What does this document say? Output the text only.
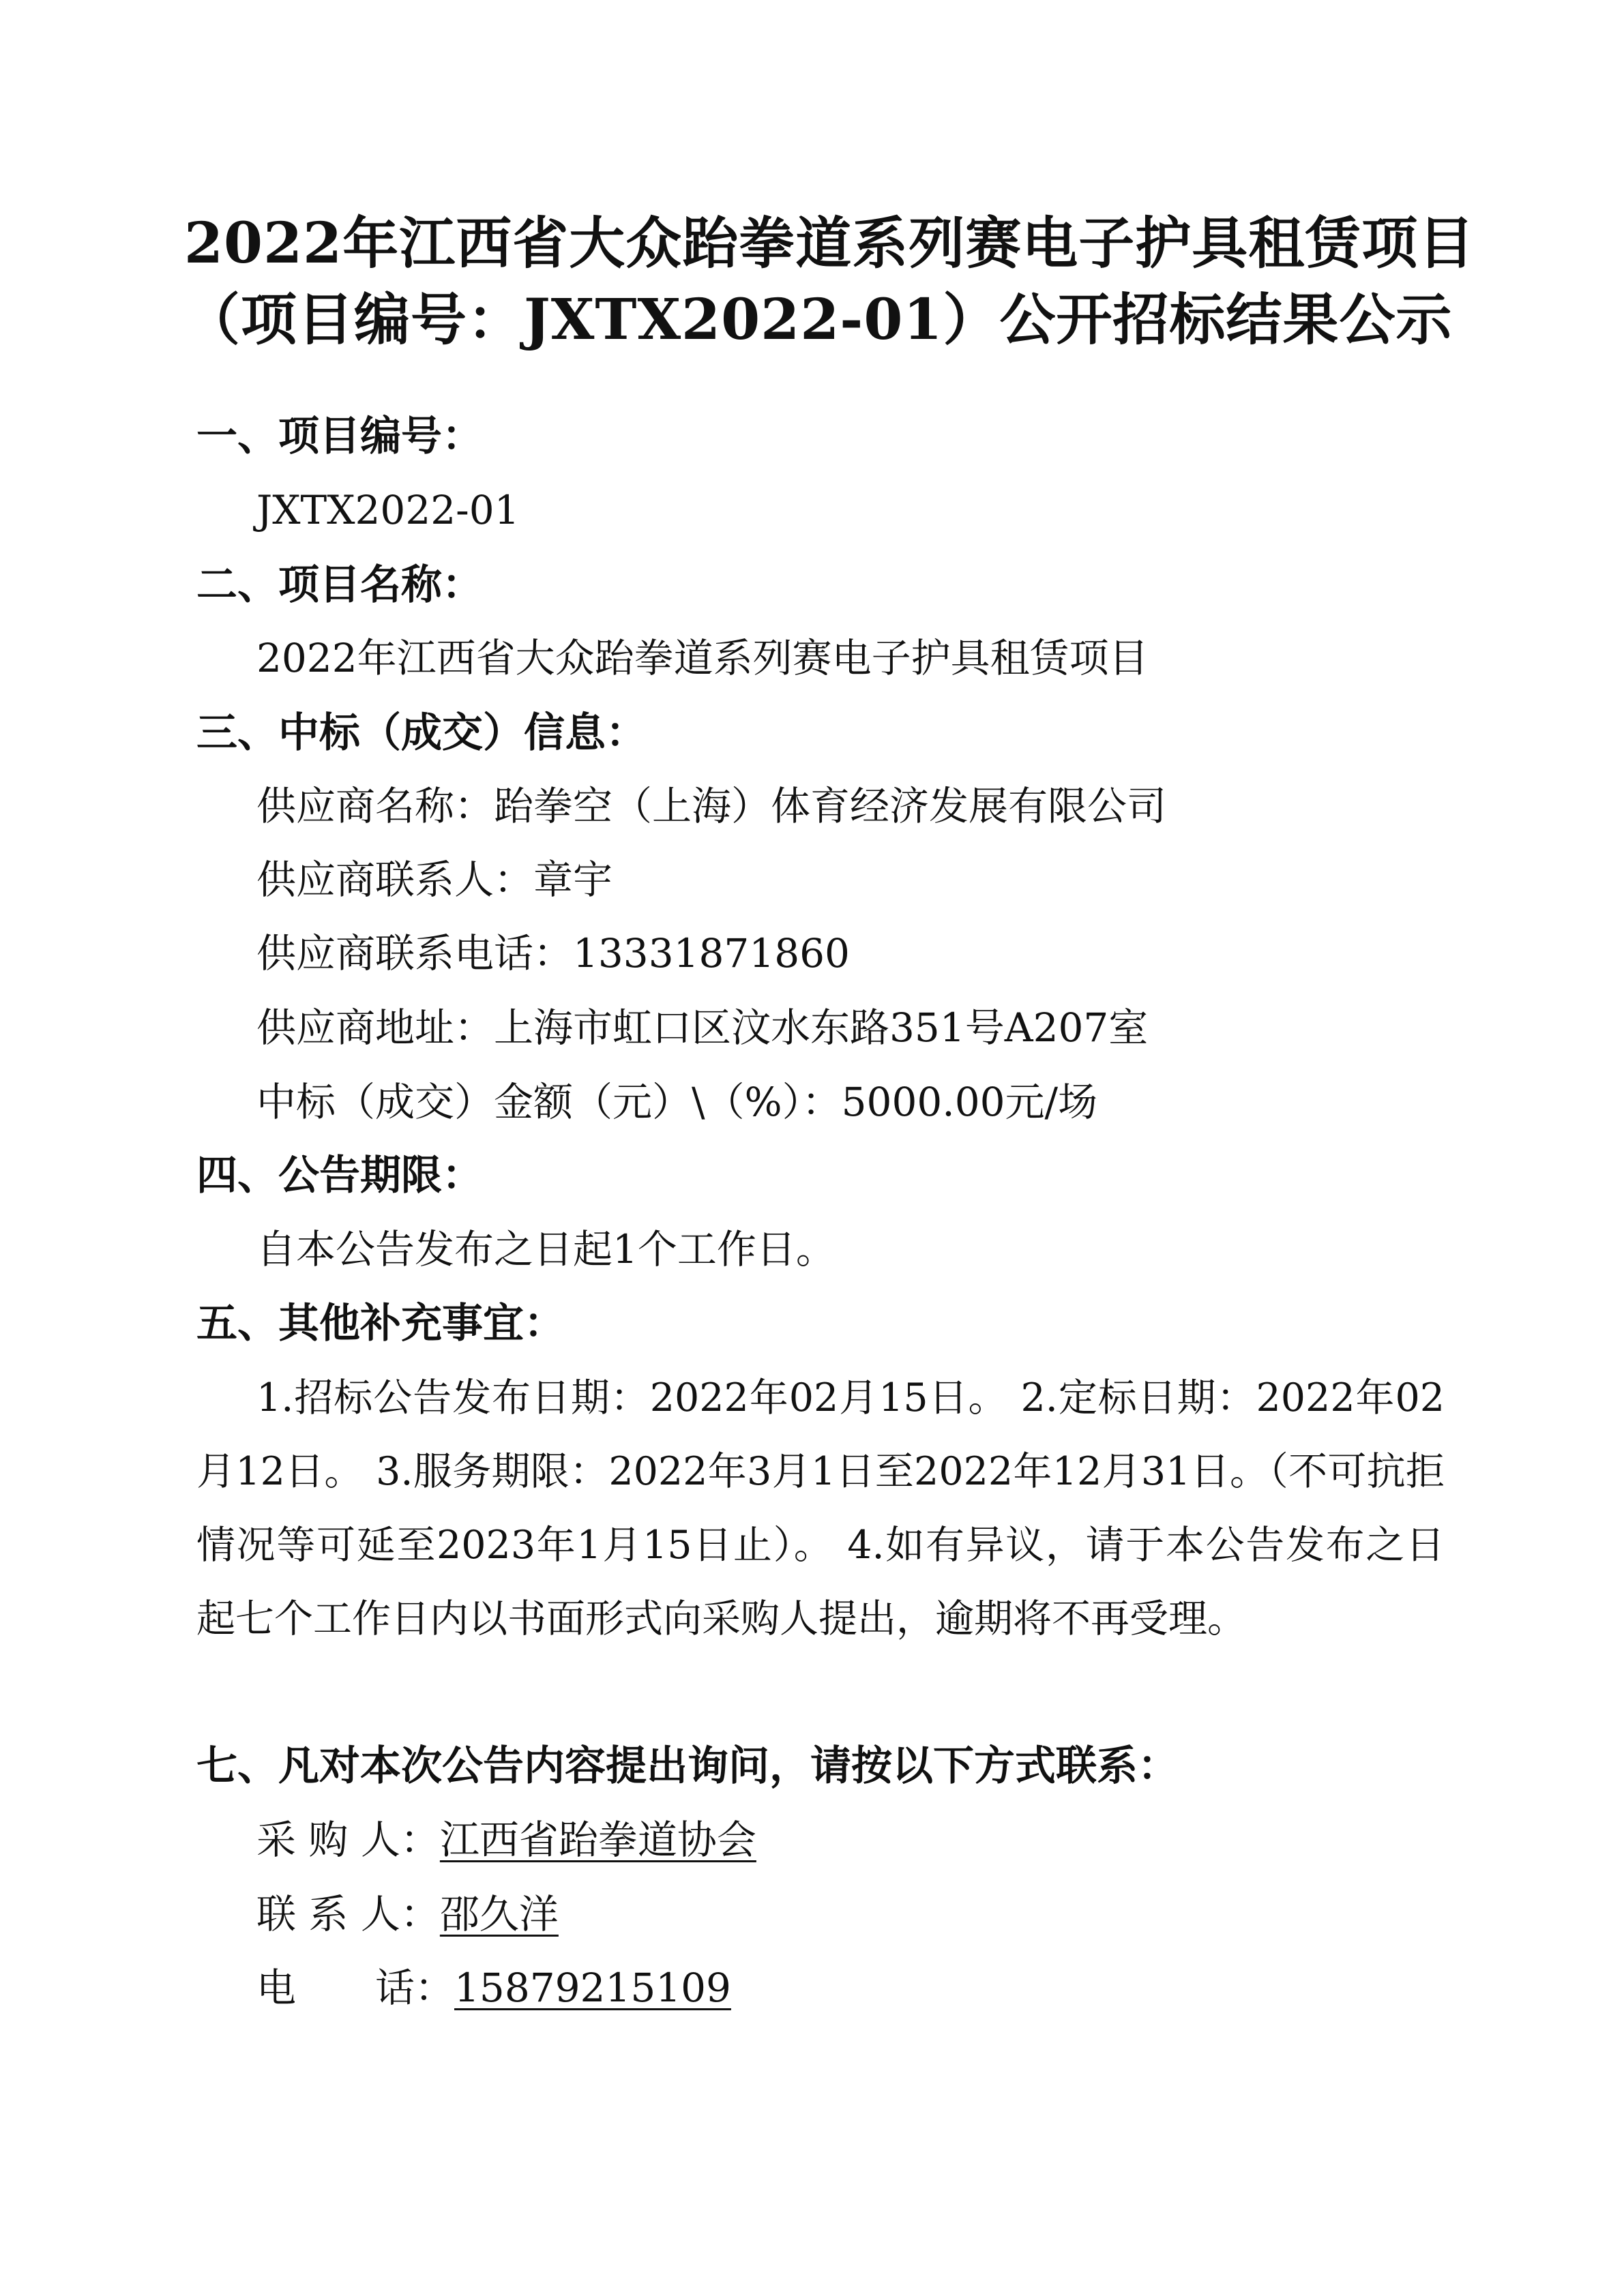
2022年江西省大众跆拳道系列赛电子护具租赁项目
（项目编号：JXTX2022-01）公开招标结果公示
一、项目编号：
JXTX2022-01
二、项目名称：
2022年江西省大众跆拳道系列赛电子护具租赁项目
三、中标（成交）信息：
供应商名称：跆拳空（上海）体育经济发展有限公司
供应商联系人：章宇
供应商联系电话：13331871860
供应商地址：上海市虹口区汶水东路351号A207室
中标（成交）金额（元）\（%）：5000.00元/场
四、公告期限：
自本公告发布之日起1个工作日。
五、其他补充事宜：
1.招标公告发布日期：2022年02月15日。 2.定标日期：2022年02月12日。 3.服务期限：2022年3月1日至2022年12月31日。（不可抗拒情况等可延至2023年1月15日止）。 4.如有异议，请于本公告发布之日起七个工作日内以书面形式向采购人提出，逾期将不再受理。
七、凡对本次公告内容提出询问，请按以下方式联系：
采 购 人：江西省跆拳道协会
联 系 人：邵久洋
电　　话：15879215109
